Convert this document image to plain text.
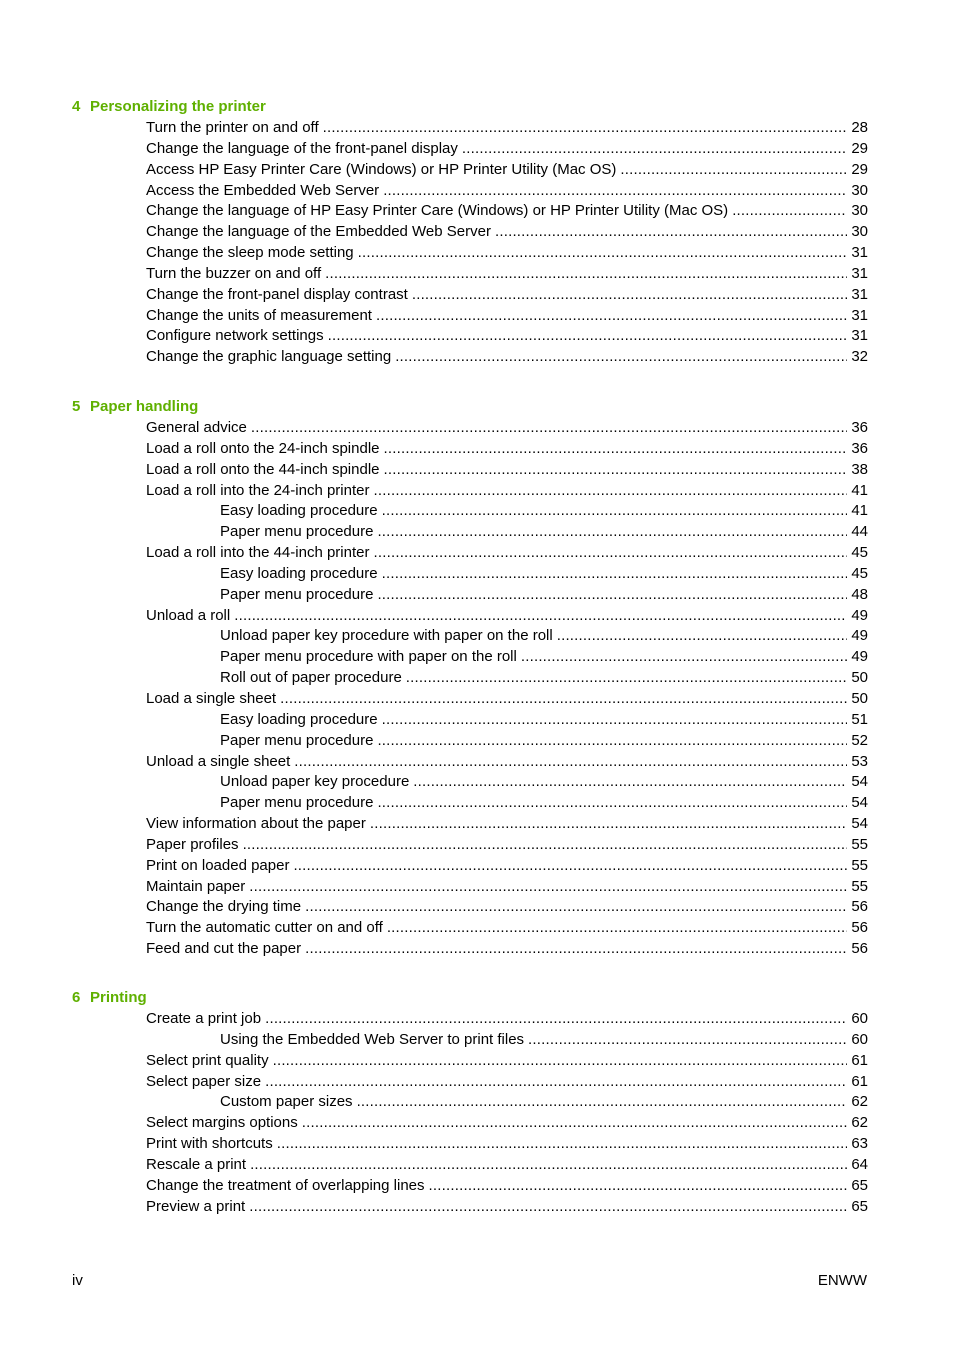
4 Personalizing the printer
Turn the printer on and off .....	28
Change the language of the front-panel display .....	29
Access HP Easy Printer Care (Windows) or HP Printer Utility (Mac OS) .....	29
Access the Embedded Web Server .....	30
Change the language of HP Easy Printer Care (Windows) or HP Printer Utility (Mac OS) .....	30
Change the language of the Embedded Web Server .....	30
Change the sleep mode setting .....	31
Turn the buzzer on and off .....	31
Change the front-panel display contrast .....	31
Change the units of measurement .....	31
Configure network settings .....	31
Change the graphic language setting .....	32
5 Paper handling
General advice .....	36
Load a roll onto the 24-inch spindle .....	36
Load a roll onto the 44-inch spindle .....	38
Load a roll into the 24-inch printer .....	41
Easy loading procedure .....	41
Paper menu procedure .....	44
Load a roll into the 44-inch printer .....	45
Easy loading procedure .....	45
Paper menu procedure .....	48
Unload a roll .....	49
Unload paper key procedure with paper on the roll .....	49
Paper menu procedure with paper on the roll .....	49
Roll out of paper procedure .....	50
Load a single sheet .....	50
Easy loading procedure .....	51
Paper menu procedure .....	52
Unload a single sheet .....	53
Unload paper key procedure .....	54
Paper menu procedure .....	54
View information about the paper .....	54
Paper profiles .....	55
Print on loaded paper .....	55
Maintain paper .....	55
Change the drying time .....	56
Turn the automatic cutter on and off .....	56
Feed and cut the paper .....	56
6 Printing
Create a print job .....	60
Using the Embedded Web Server to print files .....	60
Select print quality .....	61
Select paper size .....	61
Custom paper sizes .....	62
Select margins options .....	62
Print with shortcuts .....	63
Rescale a print .....	64
Change the treatment of overlapping lines .....	65
Preview a print .....	65
iv	ENWW
